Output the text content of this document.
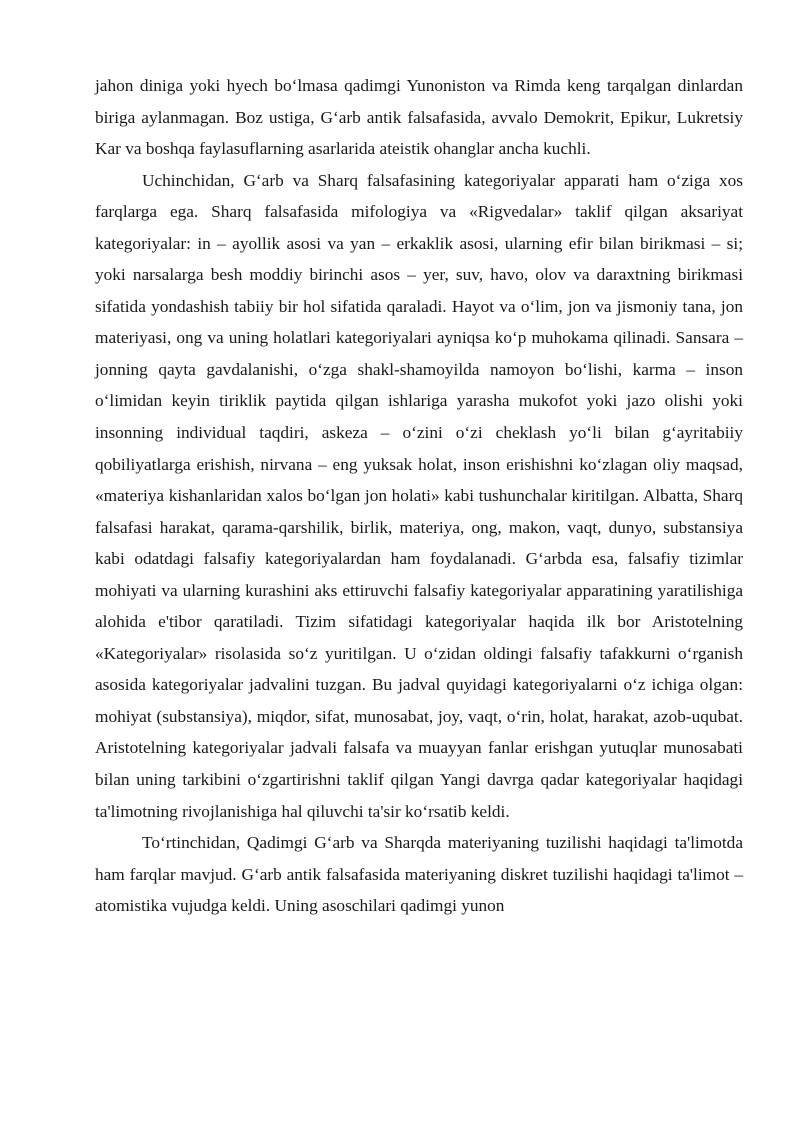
jahon diniga yoki hyech bo‘lmasa qadimgi Yunoniston va Rimda keng tarqalgan dinlardan biriga aylanmagan. Boz ustiga, G‘arb antik falsafasida, avvalo Demokrit, Epikur, Lukretsiy Kar va boshqa faylasuflarning asarlarida ateistik ohanglar ancha kuchli.

Uchinchidan, G‘arb va Sharq falsafasining kategoriyalar apparati ham o‘ziga xos farqlarga ega. Sharq falsafasida mifologiya va «Rigvedalar» taklif qilgan aksariyat kategoriyalar: in – ayollik asosi va yan – erkaklik asosi, ularning efir bilan birikmasi – si; yoki narsalarga besh moddiy birinchi asos – yer, suv, havo, olov va daraxtning birikmasi sifatida yondashish tabiiy bir hol sifatida qaraladi. Hayot va o‘lim, jon va jismoniy tana, jon materiyasi, ong va uning holatlari kategoriyalari ayniqsa ko‘p muhokama qilinadi. Sansara – jonning qayta gavdalanishi, o‘zga shakl-shamoyilda namoyon bo‘lishi, karma – inson o‘limidan keyin tiriklik paytida qilgan ishlariga yarasha mukofot yoki jazo olishi yoki insonning individual taqdiri, askeza – o‘zini o‘zi cheklash yo‘li bilan g‘ayritabiiy qobiliyatlarga erishish, nirvana – eng yuksak holat, inson erishishni ko‘zlagan oliy maqsad, «materiya kishanlaridan xalos bo‘lgan jon holati» kabi tushunchalar kiritilgan. Albatta, Sharq falsafasi harakat, qarama-qarshilik, birlik, materiya, ong, makon, vaqt, dunyo, substansiya kabi odatdagi falsafiy kategoriyalardan ham foydalanadi. G‘arbda esa, falsafiy tizimlar mohiyati va ularning kurashini aks ettiruvchi falsafiy kategoriyalar apparatining yaratilishiga alohida e'tibor qaratiladi. Tizim sifatidagi kategoriyalar haqida ilk bor Aristotelning «Kategoriyalar» risolasida so‘z yuritilgan. U o‘zidan oldingi falsafiy tafakkurni o‘rganish asosida kategoriyalar jadvalini tuzgan. Bu jadval quyidagi kategoriyalarni o‘z ichiga olgan: mohiyat (substansiya), miqdor, sifat, munosabat, joy, vaqt, o‘rin, holat, harakat, azob-uqubat. Aristotelning kategoriyalar jadvali falsafa va muayyan fanlar erishgan yutuqlar munosabati bilan uning tarkibini o‘zgartirishni taklif qilgan Yangi davrga qadar kategoriyalar haqidagi ta'limotning rivojlanishiga hal qiluvchi ta'sir ko‘rsatib keldi.

To‘rtinchidan, Qadimgi G‘arb va Sharqda materiyaning tuzilishi haqidagi ta'limotda ham farqlar mavjud. G‘arb antik falsafasida materiyaning diskret tuzilishi haqidagi ta'limot – atomistika vujudga keldi. Uning asoschilari qadimgi yunon
